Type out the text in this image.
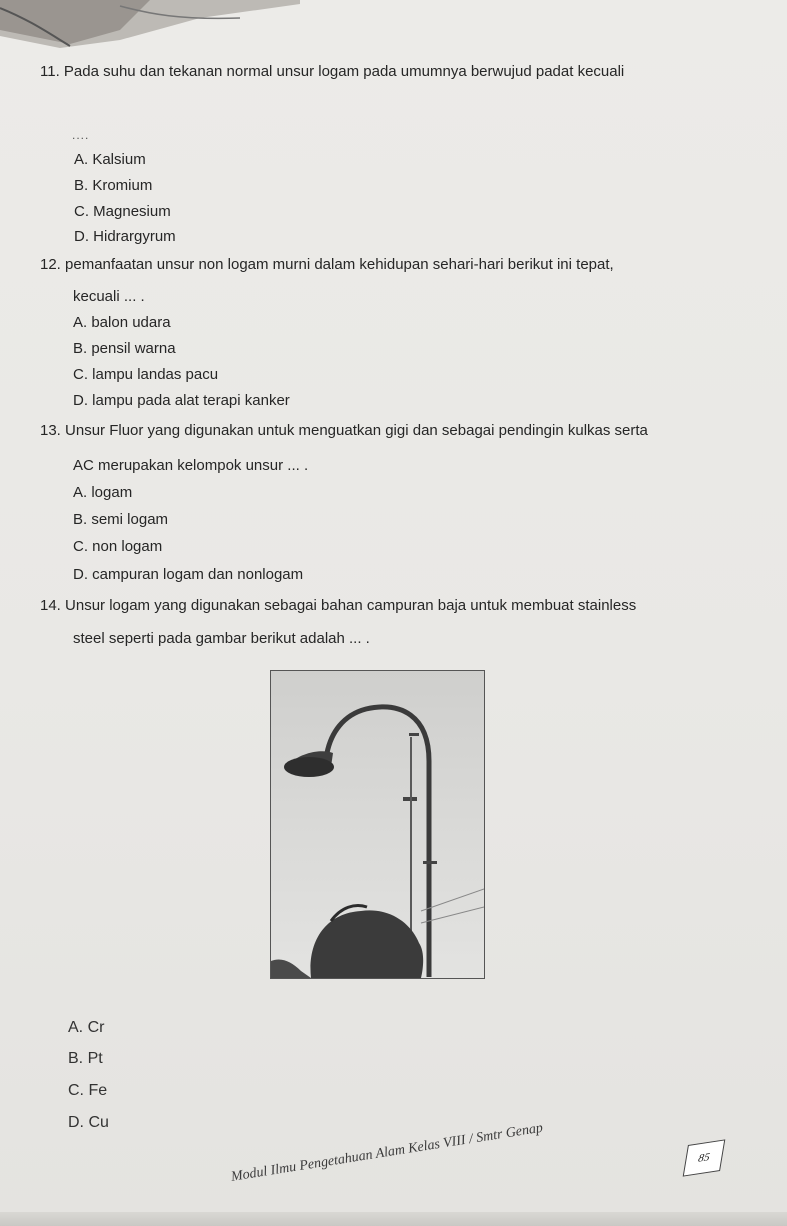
11. Pada suhu dan tekanan normal unsur logam pada umumnya berwujud padat kecuali
....
A. Kalsium
B. Kromium
C. Magnesium
D. Hidrargyrum
12. pemanfaatan unsur non logam murni dalam kehidupan sehari-hari berikut ini tepat,
kecuali ... .
A. balon udara
B. pensil warna
C. lampu landas pacu
D. lampu pada alat terapi kanker
13. Unsur Fluor yang digunakan untuk menguatkan gigi dan sebagai pendingin kulkas serta
AC merupakan kelompok unsur ... .
A. logam
B. semi logam
C. non logam
D. campuran logam dan nonlogam
14. Unsur logam yang digunakan sebagai bahan campuran baja untuk membuat stainless
steel seperti pada gambar berikut adalah ... .
A. Cr
B. Pt
C. Fe
D. Cu	Modul Ilmu Pengetahuan Alam Kelas VIII / Smtr Genap	85
